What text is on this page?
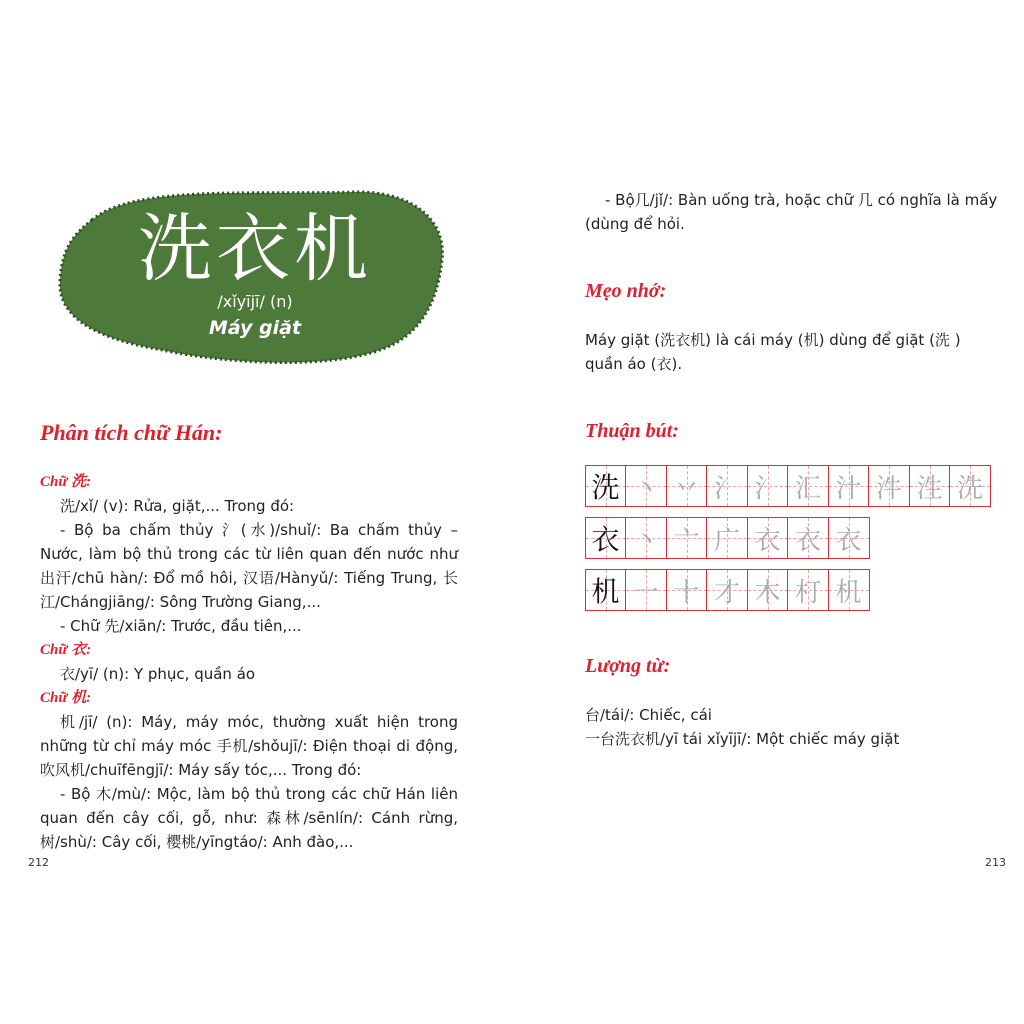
洗衣机
/xǐyījī/ (n)
Máy giặt
Phân tích chữ Hán:
Chữ 洗:
洗/xǐ/ (v): Rửa, giặt,... Trong đó:
- Bộ ba chấm thủy 氵(水)/shuǐ/: Ba chấm thủy – Nước, làm bộ thủ trong các từ liên quan đến nước như 出汗/chū hàn/: Đổ mồ hôi, 汉语/Hànyǔ/: Tiếng Trung, 长江/Chángjiāng/: Sông Trường Giang,...
- Chữ 先/xiān/: Trước, đầu tiên,...
Chữ 衣:
衣/yī/ (n): Y phục, quần áo
Chữ 机:
机/jī/ (n): Máy, máy móc, thường xuất hiện trong những từ chỉ máy móc 手机/shǒujī/: Điện thoại di động, 吹风机/chuīfēngjī/: Máy sấy tóc,... Trong đó:
- Bộ 木/mù/: Mộc, làm bộ thủ trong các chữ Hán liên quan đến cây cối, gỗ, như: 森林/sēnlín/: Cánh rừng, 树/shù/: Cây cối, 樱桃/yīngtáo/: Anh đào,...
212
- Bộ几/jǐ/: Bàn uống trà, hoặc chữ 几 có nghĩa là mấy (dùng để hỏi.
Mẹo nhớ:
Máy giặt (洗衣机) là cái máy (机) dùng để giặt (洗 ) quần áo (衣).
Thuận bút:
洗 丶 丷 氵 氵 汇 汁 汼 泩 洗
衣 丶 亠 广 衣 衣 衣
机 一 十 才 木 朾 机
Lượng từ:
台/tái/: Chiếc, cái
一台洗衣机/yī tái xǐyījī/: Một chiếc máy giặt
213
